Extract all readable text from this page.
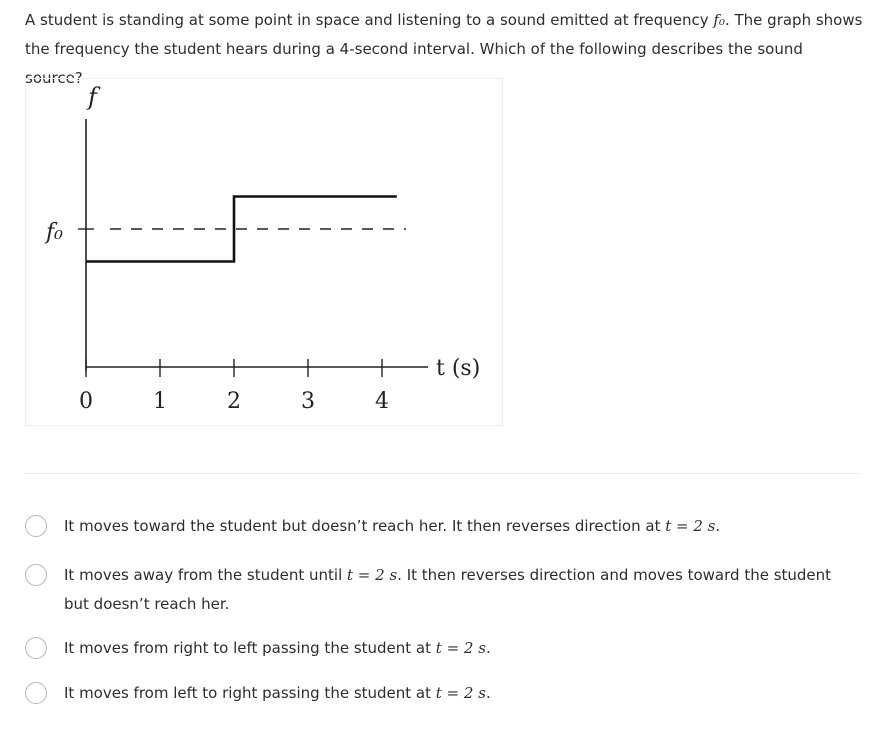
A student is standing at some point in space and listening to a sound emitted at frequency f₀. The graph shows the frequency the student hears during a 4-second interval. Which of the following describes the sound source?

f
t (s)
f₀
0	1	2	3	4
It moves toward the student but doesn’t reach her. It then reverses direction at t = 2 s.
It moves away from the student until t = 2 s. It then reverses direction and moves toward the student but doesn’t reach her.
It moves from right to left passing the student at t = 2 s.
It moves from left to right passing the student at t = 2 s.
